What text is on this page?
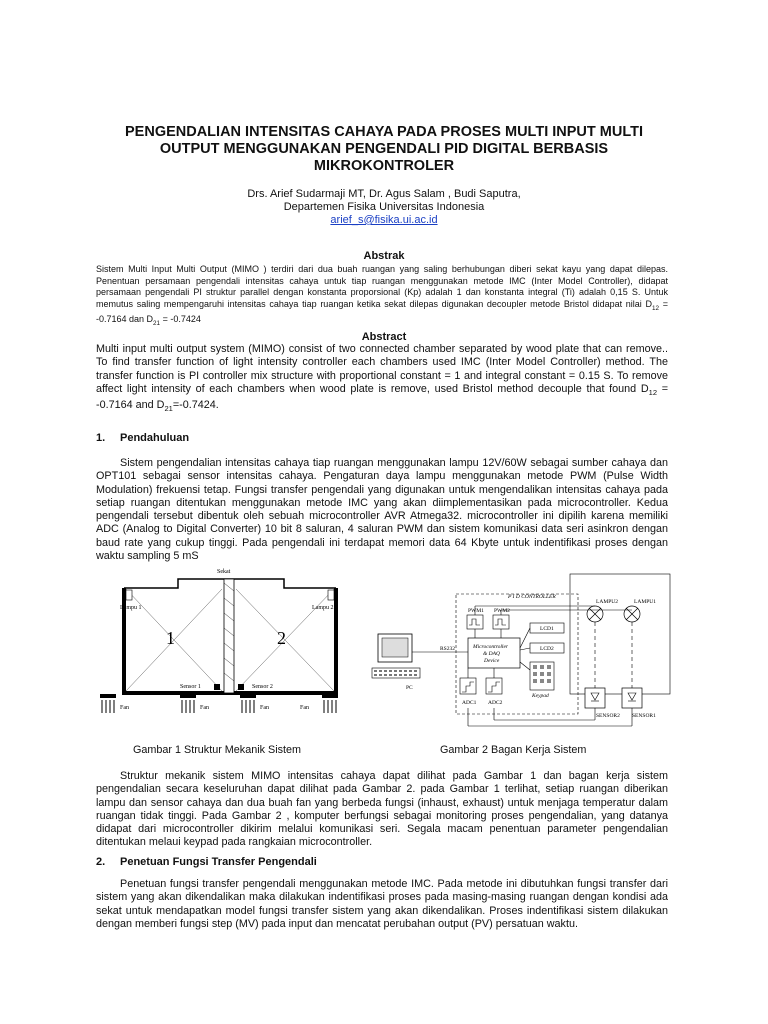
PENGENDALIAN INTENSITAS CAHAYA PADA PROSES MULTI INPUT MULTI
OUTPUT MENGGUNAKAN PENGENDALI PID DIGITAL BERBASIS
MIKROKONTROLER
Drs. Arief Sudarmaji MT, Dr. Agus Salam , Budi Saputra,
Departemen Fisika Universitas Indonesia
arief_s@fisika.ui.ac.id
Abstrak
Sistem Multi Input Multi Output (MIMO ) terdiri dari dua buah ruangan yang saling berhubungan diberi sekat kayu yang dapat dilepas. Penentuan persamaan pengendali intensitas cahaya untuk tiap ruangan menggunakan metode IMC (Inter Model Controller), didapat persamaan pengendali PI struktur parallel dengan konstanta proporsional (Kp) adalah 1 dan konstanta integral (Ti) adalah 0,15 S. Untuk memutus saling mempengaruhi intensitas cahaya tiap ruangan ketika sekat dilepas digunakan decoupler metode Bristol didapat nilai $D_{12} = -0.7164$ dan $D_{21} = -0.7424$
Abstract
Multi input multi output system (MIMO) consist of two connected chamber separated by wood plate that can remove.. To find transfer function of light intensity controller each chambers used IMC (Inter Model Controller) method. The transfer function is PI controller mix structure with proportional constant = 1 and integral constant = 0.15 S. To remove affect light intensity of each chambers when wood plate is remove, used Bristol method decouple that found $D_{12} = -0.7164$ and $D_{21}=-0.7424$.
1. Pendahuluan

Sistem pengendalian intensitas cahaya tiap ruangan menggunakan lampu 12V/60W sebagai sumber cahaya dan OPT101 sebagai sensor intensitas cahaya. Pengaturan daya lampu menggunakan metode PWM (Pulse Width Modulation) frekuensi tetap. Fungsi transfer pengendali yang digunakan untuk mengendalikan intensitas cahaya pada setiap ruangan ditentukan menggunakan metode IMC yang akan diimplementasikan pada microcontroller. Kedua pengendali tersebut dibentuk oleh sebuah microcontroller AVR Atmega32. microcontroller ini dipilih karena memiliki ADC (Analog to Digital Converter) 10 bit 8 saluran, 4 saluran PWM dan sistem komunikasi data seri asinkron dengan baud rate yang cukup tinggi. Pada pengendali ini terdapat memori data 64 Kbyte untuk indentifikasi proses dengan waktu sampling 5 mS

Sekat
Lampu 1	Lampu 2
1	2
Sensor 1	Sensor 2
Fan	Fan	Fan	Fan
Gambar 1 Struktur Mekanik Sistem
P I D CONTROLLER
PWM1 PWM2
LCD1
LCD2
Microcontroller
& DAQ
Device
Keypad
ADC1 ADC2
PC
RS232
LAMPU2	LAMPU1
SENSOR2 SENSOR1
Gambar 2 Bagan Kerja Sistem

Struktur mekanik sistem MIMO intensitas cahaya dapat dilihat pada Gambar 1 dan bagan kerja sistem pengendalian secara keseluruhan dapat dilihat pada Gambar 2. pada Gambar 1 terlihat, setiap ruangan diberikan lampu dan sensor cahaya dan dua buah fan yang berbeda fungsi (inhaust, exhaust) untuk menjaga temperatur dalam ruangan tidak tinggi. Pada Gambar 2 , komputer berfungsi sebagai monitoring proses pengendalian, yang datanya didapat dari microcontroller dikirim melalui komunikasi seri. Segala macam penentuan parameter pengendalian ditentukan melaui keypad pada rangkaian microcontroller.

2. Penetuan Fungsi Transfer Pengendali

Penetuan fungsi transfer pengendali menggunakan metode IMC. Pada metode ini dibutuhkan fungsi transfer dari sistem yang akan dikendalikan maka dilakukan indentifikasi proses pada masing-masing ruangan dengan kondisi ada sekat untuk mendapatkan model fungsi transfer sistem yang akan dikendalikan. Proses indentifikasi sistem dilakukan dengan memberi fungsi step (MV) pada input dan mencatat perubahan output (PV) persatuan waktu.
